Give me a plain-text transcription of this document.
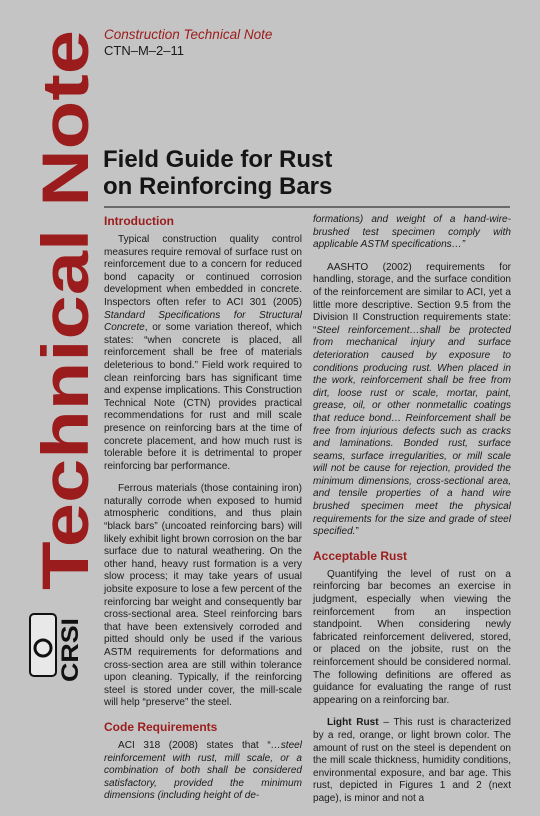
Technical Note
CRSI
Construction Technical Note
CTN–M–2–11
Field Guide for Rust
on Reinforcing Bars
Introduction

Typical construction quality control measures require removal of surface rust on reinforcement due to a concern for reduced bond capacity or continued corrosion development when embedded in concrete. Inspectors often refer to ACI 301 (2005) Standard Specifications for Structural Concrete, or some variation thereof, which states: “when concrete is placed, all reinforcement shall be free of materials deleterious to bond.” Field work required to clean reinforcing bars has significant time and expense implications. This Construction Technical Note (CTN) provides practical recommendations for rust and mill scale presence on reinforcing bars at the time of concrete placement, and how much rust is tolerable before it is detrimental to proper reinforcing bar performance.

Ferrous materials (those containing iron) naturally corrode when exposed to humid atmospheric conditions, and thus plain “black bars” (uncoated reinforcing bars) will likely exhibit light brown corrosion on the bar surface due to natural weathering. On the other hand, heavy rust formation is a very slow process; it may take years of usual jobsite exposure to lose a few percent of the reinforcing bar weight and consequently bar cross-sectional area. Steel reinforcing bars that have been extensively corroded and pitted should only be used if the various ASTM requirements for deformations and cross-section area are still within tolerance upon cleaning. Typically, if the reinforcing steel is stored under cover, the mill-scale will help “preserve” the steel.

Code Requirements

ACI 318 (2008) states that “…steel reinforcement with rust, mill scale, or a combination of both shall be considered satisfactory, provided the minimum dimensions (including height of de-

formations) and weight of a hand-wire-brushed test specimen comply with applicable ASTM specifications…”

AASHTO (2002) requirements for handling, storage, and the surface condition of the reinforcement are similar to ACI, yet a little more descriptive. Section 9.5 from the Division II Construction requirements state: “Steel reinforcement…shall be protected from mechanical injury and surface deterioration caused by exposure to conditions producing rust. When placed in the work, reinforcement shall be free from dirt, loose rust or scale, mortar, paint, grease, oil, or other nonmetallic coatings that reduce bond… Reinforcement shall be free from injurious defects such as cracks and laminations. Bonded rust, surface seams, surface irregularities, or mill scale will not be cause for rejection, provided the minimum dimensions, cross-sectional area, and tensile properties of a hand wire brushed specimen meet the physical requirements for the size and grade of steel specified.”

Acceptable Rust

Quantifying the level of rust on a reinforcing bar becomes an exercise in judgment, especially when viewing the reinforcement from an inspection standpoint. When considering newly fabricated reinforcement delivered, stored, or placed on the jobsite, rust on the reinforcement should be considered normal. The following definitions are offered as guidance for evaluating the range of rust appearing on a reinforcing bar.

Light Rust – This rust is characterized by a red, orange, or light brown color. The amount of rust on the steel is dependent on the mill scale thickness, humidity conditions, environmental exposure, and bar age. This rust, depicted in Figures 1 and 2 (next page), is minor and not a
